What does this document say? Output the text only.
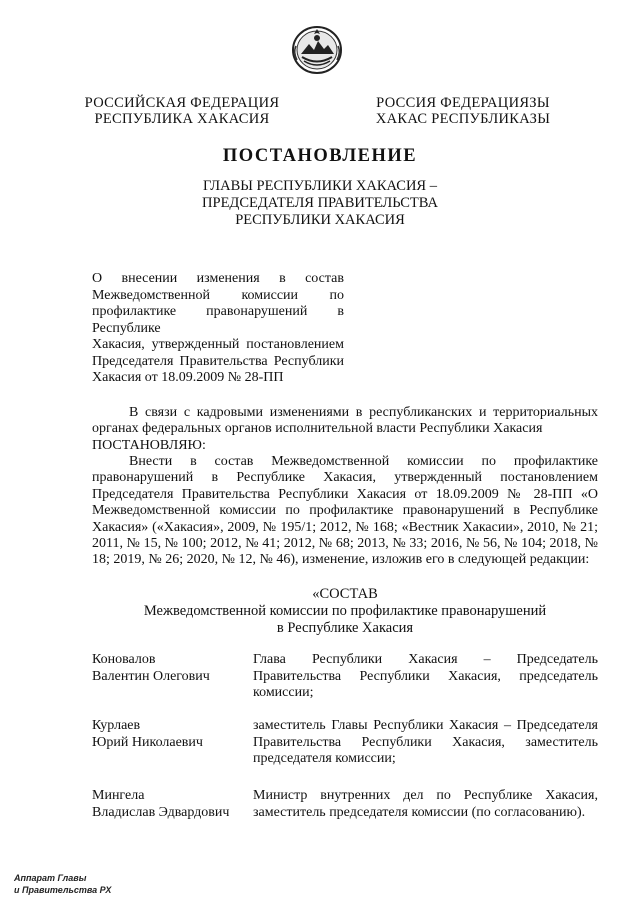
РОССИЙСКАЯ ФЕДЕРАЦИЯ
РЕСПУБЛИКА ХАКАСИЯ
РОССИЯ ФЕДЕРАЦИЯЗЫ
ХАКАС РЕСПУБЛИКАЗЫ
ПОСТАНОВЛЕНИЕ
ГЛАВЫ РЕСПУБЛИКИ ХАКАСИЯ –
ПРЕДСЕДАТЕЛЯ ПРАВИТЕЛЬСТВА
РЕСПУБЛИКИ ХАКАСИЯ
О внесении изменения в состав
Межведомственной комиссии по
профилактике правонарушений в Республике
Хакасия, утвержденный постановлением
Председателя Правительства Республики
Хакасия от 18.09.2009 № 28-ПП
В связи с кадровыми изменениями в республиканских и территориальных органах федеральных органов исполнительной власти Республики Хакасия
ПОСТАНОВЛЯЮ:
Внести в состав Межведомственной комиссии по профилактике правонарушений в Республике Хакасия, утвержденный постановлением Председателя Правительства Республики Хакасия от 18.09.2009 № 28-ПП «О Межведомственной комиссии по профилактике правонарушений в Республике Хакасия» («Хакасия», 2009, № 195/1; 2012, № 168; «Вестник Хакасии», 2010, № 21; 2011, № 15, № 100; 2012, № 41; 2012, № 68; 2013, № 33; 2016, № 56, № 104; 2018, № 18; 2019, № 26; 2020, № 12, № 46), изменение, изложив его в следующей редакции:
«СОСТАВ
Межведомственной комиссии по профилактике правонарушений
в Республике Хакасия
Коновалов
Валентин Олегович
Глава Республики Хакасия – Председатель Правительства Республики Хакасия, председатель комиссии;
Курлаев
Юрий Николаевич
заместитель Главы Республики Хакасия – Председателя Правительства Республики Хакасия, заместитель председателя комиссии;
Мингела
Владислав Эдвардович
Министр внутренних дел по Республике Хакасия, заместитель председателя комиссии (по согласованию).
Аппарат Главы
и Правительства РХ
